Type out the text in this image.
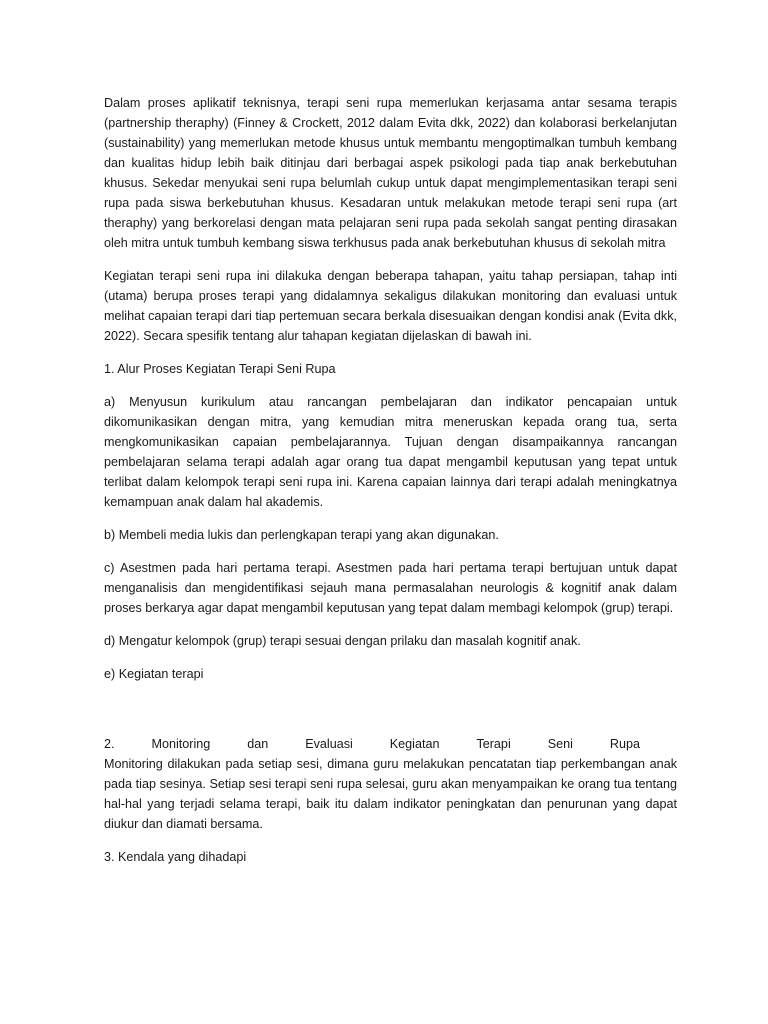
Dalam proses aplikatif teknisnya, terapi seni rupa memerlukan kerjasama antar sesama terapis (partnership theraphy) (Finney & Crockett, 2012 dalam Evita dkk, 2022) dan kolaborasi berkelanjutan (sustainability) yang memerlukan metode khusus untuk membantu mengoptimalkan tumbuh kembang dan kualitas hidup lebih baik ditinjau dari berbagai aspek psikologi pada tiap anak berkebutuhan khusus. Sekedar menyukai seni rupa belumlah cukup untuk dapat mengimplementasikan terapi seni rupa pada siswa berkebutuhan khusus. Kesadaran untuk melakukan metode terapi seni rupa (art theraphy) yang berkorelasi dengan mata pelajaran seni rupa pada sekolah sangat penting dirasakan oleh mitra untuk tumbuh kembang siswa terkhusus pada anak berkebutuhan khusus di sekolah mitra

Kegiatan terapi seni rupa ini dilakuka dengan beberapa tahapan, yaitu tahap persiapan, tahap inti (utama) berupa proses terapi yang didalamnya sekaligus dilakukan monitoring dan evaluasi untuk melihat capaian terapi dari tiap pertemuan secara berkala disesuaikan dengan kondisi anak (Evita dkk, 2022). Secara spesifik tentang alur tahapan kegiatan dijelaskan di bawah ini.

1. Alur Proses Kegiatan Terapi Seni Rupa

a) Menyusun kurikulum atau rancangan pembelajaran dan indikator pencapaian untuk dikomunikasikan dengan mitra, yang kemudian mitra meneruskan kepada orang tua, serta mengkomunikasikan capaian pembelajarannya. Tujuan dengan disampaikannya rancangan pembelajaran selama terapi adalah agar orang tua dapat mengambil keputusan yang tepat untuk terlibat dalam kelompok terapi seni rupa ini. Karena capaian lainnya dari terapi adalah meningkatnya kemampuan anak dalam hal akademis.

b) Membeli media lukis dan perlengkapan terapi yang akan digunakan.

c) Asestmen pada hari pertama terapi. Asestmen pada hari pertama terapi bertujuan untuk dapat menganalisis dan mengidentifikasi sejauh mana permasalahan neurologis & kognitif anak dalam proses berkarya agar dapat mengambil keputusan yang tepat dalam membagi kelompok (grup) terapi.

d) Mengatur kelompok (grup) terapi sesuai dengan prilaku dan masalah kognitif anak.

e) Kegiatan terapi

2.	Monitoring	dan	Evaluasi	Kegiatan	Terapi	Seni	Rupa

Monitoring dilakukan pada setiap sesi, dimana guru melakukan pencatatan tiap perkembangan anak pada tiap sesinya. Setiap sesi terapi seni rupa selesai, guru akan menyampaikan ke orang tua tentang hal-hal yang terjadi selama terapi, baik itu dalam indikator peningkatan dan penurunan yang dapat diukur dan diamati bersama.

3. Kendala yang dihadapi
